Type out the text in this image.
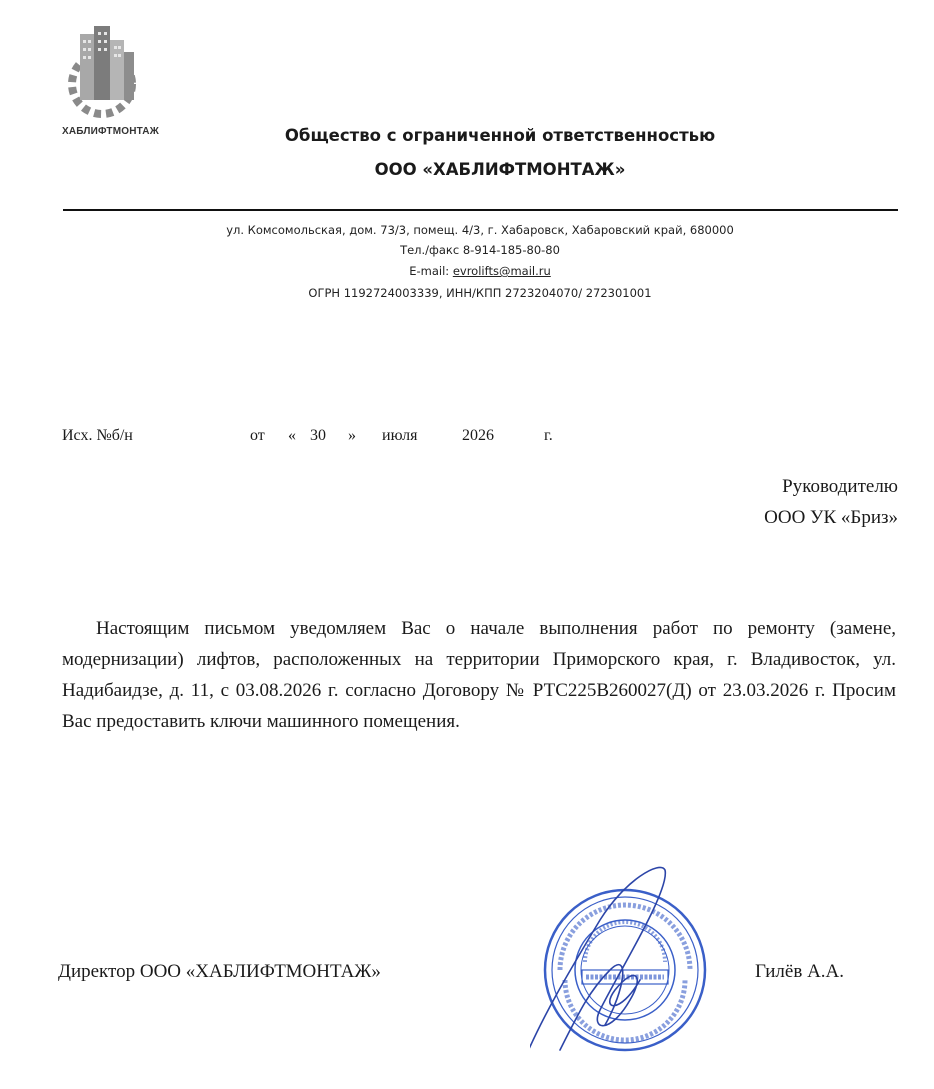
ХАБЛИФТМОНТАЖ	Общество с ограниченной ответственностью
ООО «ХАБЛИФТМОНТАЖ»
ул. Комсомольская, дом. 73/3, помещ. 4/3, г. Хабаровск, Хабаровский край, 680000
Тел./факс 8-914-185-80-80
E-mail: evrolifts@mail.ru
ОГРН 1192724003339, ИНН/КПП 2723204070/ 272301001
Исх. №б/н	от « 30 » июля	2026	г.
Руководителю
ООО УК «Бриз»
Настоящим письмом уведомляем Вас о начале выполнения работ по ремонту (замене, модернизации) лифтов, расположенных на территории Приморского края, г. Владивосток, ул. Надибаидзе, д. 11, с 03.08.2026 г. согласно Договору № РТС225В260027(Д) от 23.03.2026 г. Просим Вас предоставить ключи машинного помещения.
Директор ООО «ХАБЛИФТМОНТАЖ»	Гилёв А.А.
